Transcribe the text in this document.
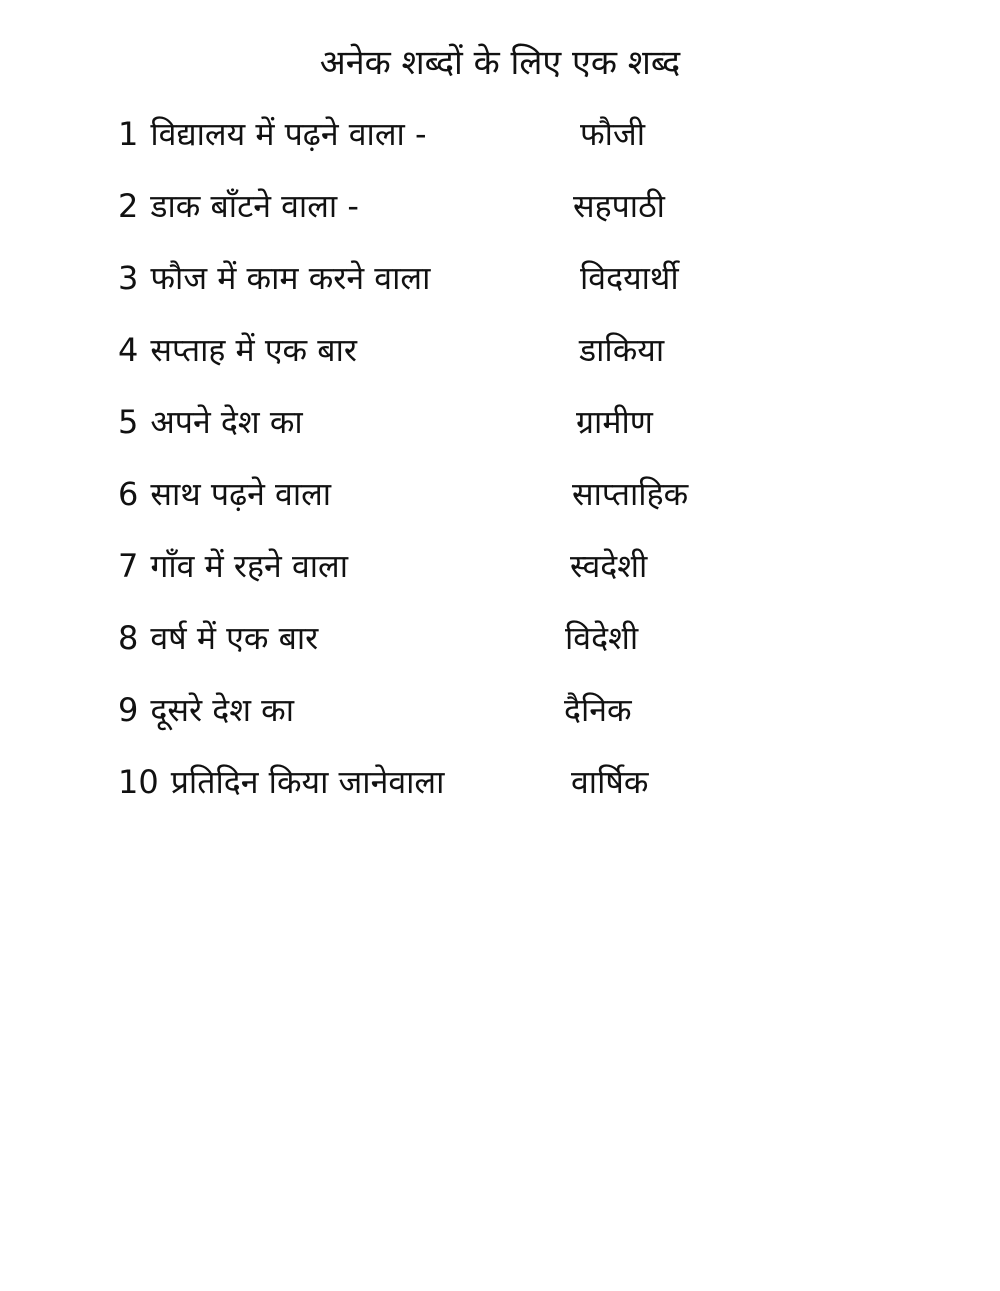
अनेक शब्दों के लिए एक शब्द
1 विद्यालय में पढ़ने वाला -	फौजी
2 डाक बाँटने वाला -	सहपाठी
3 फौज में काम करने वाला	विदयार्थी
4 सप्ताह में एक बार	डाकिया
5 अपने देश का	ग्रामीण
6 साथ पढ़ने वाला	साप्ताहिक
7 गाँव में रहने वाला	स्वदेशी
8 वर्ष में एक बार	विदेशी
9 दूसरे देश का	दैनिक
10 प्रतिदिन किया जानेवाला	वार्षिक
